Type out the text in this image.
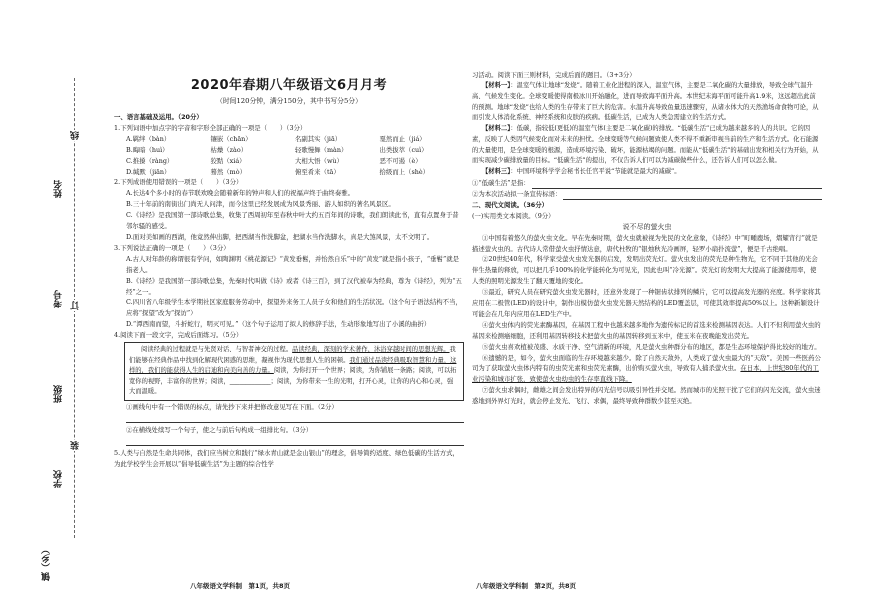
姓名
考号
班级
学校
镇（乡）
线
订
装
2020年春期八年级语文6月月考
（时间120分钟，满分150分，其中书写分5分）

一、语言基础及运用。（20分）

1.下列词语中加点字的字音和字形全部正确的一项是（　　）（3分）

A.羁绊（bàn）	镶嵌（chān）	名副其实（jiā）	戛然而止（jiá）
B.晦暗（huì）	枯燥（zào）	轻歌慢舞（màn）	出类拔萃（cuì）
C.推搡（ràng）	狡黠（xiá）	大相大悟（wù）	恶不可遏（è）
D.缄默（jiān）	蓦然（mò）	俯至肴来（tā）	拾级而上（shè）

2.下列成语使用错误的一项是（　　）（3分）

A.长达4个多小时的春节联欢晚会随着新年的钟声和人们的祝福声终于曲终奏雅。

B.三十年前的南街出门尚无人问津，而今这里已经发展成为风景秀丽、游人如织的著名风景区。

C.《诗经》是我国第一部诗歌总集，收集了西周初年至春秋中叶大约五百年间的诗歌，我们朗读此书，直有点置身于昔邻尔骚的感受。

D.面对美如画的西湖，他竟然伸出脚，把西湖当作洗脚盆，把湖水当作洗脚水，真是大煞风景，太不文明了。

3.下列说法正确的一项是（　　）（3分）

A.古人对年龄的称谓很有学问，如陶渊明《桃花源记》“黄发垂髫，并怡然自乐”中的“黄发”就是指小孩子，“垂髫”就是指老人。

B.《诗经》是我国第一部诗歌总集，先秦时代叫做《诗》或者《诗三百》，到了汉代被奉为经典，尊为《诗经》，列为“五经”之一。

C.四川省八年级学生本学期社区家庭服务劳动中，探望外来务工人员子女和他们的生活状况。（这个句子语法结构不当，应将“探望”改为“探访”）

D.“潭西南而望，斗折蛇行，明灭可见。”（这个句子运用了拟人的修辞手法，生动形象地写出了小溪的曲折）

4.阅读下面一段文字，完成后面练习。（5分）

阅读经典的过程就是与先贤对话、与智者神交的过程。品读经典，深刻的学术著作，沐浴穿越时间的思想光辉。我们能够在经典作品中找到化解现代困惑的思维，凝视作为现代思想人生的困顿。我们通过品读经典吸取智慧和力量，这样的，我们的能获得人生的启迪和向美向善的力量。阅读，为你打开一个世界；阅读，为你铺展一条路；阅读，可以拓宽你的视野，丰富你的世界；阅读，_____________；阅读，为你带来一生的光明，打开心灵，让你的内心和心灵，强大而温暖。

①画线句中有一个错误的标点，请先抄下来并把修改意见写在下面。（2分）

②在横线处续写一个句子，使之与前后句构成一组排比句。（3分）

5.人类与自然是生命共同体，我们应当树立和践行“绿水青山就是金山银山”的理念，倡导简约适度、绿色低碳的生活方式，为此学校学生会开展以“倡导低碳生活”为主题的综合性学

习活动。阅读下面三则材料，完成后面的题目。（3+3分）

【材料一】：温室气体让地球“发烧”。随着工业化进程的深入，温室气体，主要是二氧化碳的大量排放，导致全球气温升高、气候发生变化。全球变暖使得南极冰川开始融化，进而导致海平面升高。本世纪末海平面可能升高1.9米，这远超出此前的预测。地球“发烧”也给人类的生存带来了巨大的危害。水温升高导致鱼量迅速骤穷，从诸水体大的天然渔场命食物可论，从而引发人体消化系统、神经系统和皮肤的疾病。低碳生活，已成为人类急需建立的生活方式。

【材料二】：低碳，指较低(更低)的温室气体(主要是二氧化碳)的排放。“低碳生活”已成为越来越多的人的共识。它的因素，反映了人类因气候变化而对未来的担忧。全球变暖等气候问题致使人类不得不重新审视当前的生产和生活方式。化石能源的大量使用，是全球变暖的根源，造成环境污染、破坏，能源枯竭的问题。而能从“低碳生活”的基础出发和相关行为开始，从而实现减少碳排放量的目标。“低碳生活”的提出，不仅告诉人们可以为减碳做些什么，还告诉人们可以怎么做。

【材料三】：中国环境科学学会秘书长任官平说“节能就是最大的减碳”。

①“低碳生活”是指：
②为本次活动拟一条宣传标语：

二、现代文阅读。（36分）

(一)实用类文本阅读。（9分）

说不尽的萤火虫

①中国有着悠久的萤火虫文化。早在先秦时期，萤火虫就被视为先民的文化意象，《诗经》中“町畽鹿场，熠耀宵行”就是描述萤火虫的。古代诗人常借萤火虫抒情达意，唐代杜牧的“银烛秋光冷画屏，轻罗小扇扑流萤”，便是千古绝唱。

②20世纪40年代，科学家受萤火虫发光器的启发，发明出荧光灯。萤火虫发出的荧光是种生物光，它不同于其他的光会伴生热量的释放，可以把几乎100%的化学能转化为可见光，因此也叫“冷光源”。荧光灯的发明大大提高了能源使用率，使人类的照明光源发生了翻天覆地的变化。

③最近，研究人员在研究萤火虫发光器时，还意外发现了一种锯齿状排列的鳞片，它可以提高发光器的亮度。科学家将其应用在二极管(LED)的设计中，制作出模仿萤火虫发光器天然结构的LED覆盖层，可使其效率提高50%以上。这种新颖设计可能会在几年内应用在LED生产中。

④萤火虫体内的荧光素酶基因，在基因工程中也越来越多地作为遗传标记的首选来检测基因表达。人们不但利用萤火虫的基因来检测癌细胞，还利用基因转移技术把萤火虫的基因转移到玉米中，使玉米在夜晚能发出荧光。

⑤萤火虫喜欢植被茂盛、水质干净、空气清新的环境，凡是萤火虫种群分布的地区，都是生态环境保护得比较好的地方。

⑥遗憾的是，如今，萤火虫面临的生存环境越来越少。除了自然天敌外，人类成了萤火虫最大的“天敌”。美国一些医药公司为了获取萤火虫体内特有的虫荧光素和虫荧光素酶，出价购买萤火虫，导致有人捕杀萤火虫。在日本，上世纪80年代的工业污染和城市扩张，致使萤火虫幼虫的生存率直线下降。

⑦萤火虫求偶时，雌雄之间会发出特异的闪光信号以吸引异性并交尾。然而城市的光照干扰了它们的闪光交流，萤火虫迷惑地到外界灯光时，就会停止发光、飞行、求偶，最终导致种群数少甚至灭绝。

八年级语文学科制　第1页，共8页	八年级语文学科制　第2页，共8页
